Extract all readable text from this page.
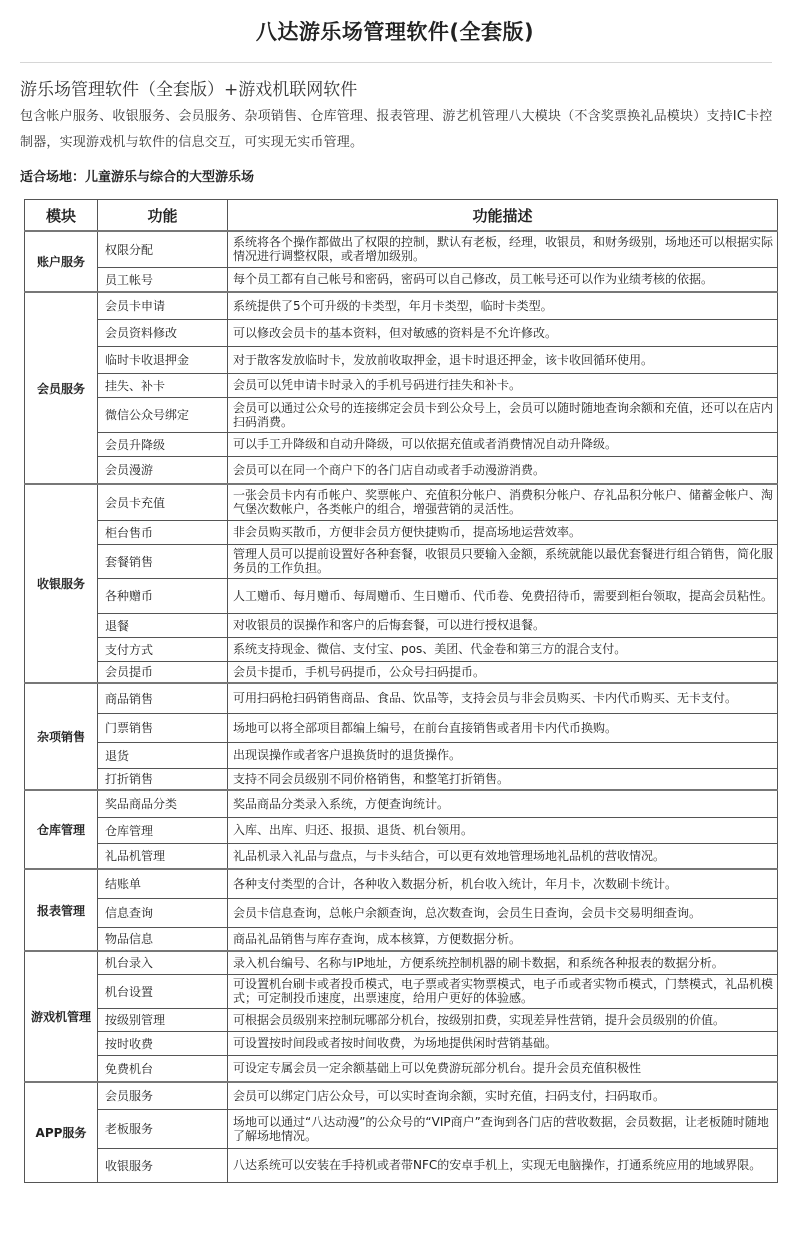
八达游乐场管理软件(全套版)
游乐场管理软件（全套版）+游戏机联网软件
包含帐户服务、收银服务、会员服务、杂项销售、仓库管理、报表管理、游艺机管理八大模块（不含奖票换礼品模块）支持IC卡控制器，实现游戏机与软件的信息交互，可实现无实币管理。
适合场地：儿童游乐与综合的大型游乐场
模块	功能	功能描述
账户服务	权限分配	系统将各个操作都做出了权限的控制，默认有老板，经理，收银员，和财务级别，场地还可以根据实际情况进行调整权限，或者增加级别。
	员工帐号	每个员工都有自己帐号和密码，密码可以自己修改，员工帐号还可以作为业绩考核的依据。
会员服务	会员卡申请	系统提供了5个可升级的卡类型，年月卡类型，临时卡类型。
	会员资料修改	可以修改会员卡的基本资料，但对敏感的资料是不允许修改。
	临时卡收退押金	对于散客发放临时卡，发放前收取押金，退卡时退还押金，该卡收回循环使用。
	挂失、补卡	会员可以凭申请卡时录入的手机号码进行挂失和补卡。
	微信公众号绑定	会员可以通过公众号的连接绑定会员卡到公众号上，会员可以随时随地查询余额和充值，还可以在店内扫码消费。
	会员升降级	可以手工升降级和自动升降级，可以依据充值或者消费情况自动升降级。
	会员漫游	会员可以在同一个商户下的各门店自动或者手动漫游消费。
收银服务	会员卡充值	一张会员卡内有币帐户、奖票帐户、充值积分帐户、消费积分帐户、存礼品积分帐户、储蓄金帐户、淘气堡次数帐户，各类帐户的组合，增强营销的灵活性。
	柜台售币	非会员购买散币，方便非会员方便快捷购币，提高场地运营效率。
	套餐销售	管理人员可以提前设置好各种套餐，收银员只要输入金额，系统就能以最优套餐进行组合销售，简化服务员的工作负担。
	各种赠币	人工赠币、每月赠币、每周赠币、生日赠币、代币卷、免费招待币，需要到柜台领取，提高会员粘性。
	退餐	对收银员的误操作和客户的后悔套餐，可以进行授权退餐。
	支付方式	系统支持现金、微信、支付宝、pos、美团、代金卷和第三方的混合支付。
	会员提币	会员卡提币，手机号码提币，公众号扫码提币。
杂项销售	商品销售	可用扫码枪扫码销售商品、食品、饮品等，支持会员与非会员购买、卡内代币购买、无卡支付。
	门票销售	场地可以将全部项目都编上编号，在前台直接销售或者用卡内代币换购。
	退货	出现误操作或者客户退换货时的退货操作。
	打折销售	支持不同会员级别不同价格销售，和整笔打折销售。
仓库管理	奖品商品分类	奖品商品分类录入系统，方便查询统计。
	仓库管理	入库、出库、归还、报损、退货、机台领用。
	礼品机管理	礼品机录入礼品与盘点，与卡头结合，可以更有效地管理场地礼品机的营收情况。
报表管理	结账单	各种支付类型的合计，各种收入数据分析，机台收入统计，年月卡，次数刷卡统计。
	信息查询	会员卡信息查询，总帐户余额查询，总次数查询，会员生日查询，会员卡交易明细查询。
	物品信息	商品礼品销售与库存查询，成本核算，方便数据分析。
游戏机管理	机台录入	录入机台编号、名称与IP地址，方便系统控制机器的刷卡数据，和系统各种报表的数据分析。
	机台设置	可设置机台刷卡或者投币模式，电子票或者实物票模式，电子币或者实物币模式，门禁模式，礼品机模式；可定制投币速度，出票速度，给用户更好的体验感。
	按级别管理	可根据会员级别来控制玩哪部分机台，按级别扣费，实现差异性营销，提升会员级别的价值。
	按时收费	可设置按时间段或者按时间收费，为场地提供闲时营销基础。
	免费机台	可设定专属会员一定余额基础上可以免费游玩部分机台。提升会员充值积极性
APP服务	会员服务	会员可以绑定门店公众号，可以实时查询余额，实时充值，扫码支付，扫码取币。
	老板服务	场地可以通过“八达动漫”的公众号的“VIP商户”查询到各门店的营收数据，会员数据，让老板随时随地了解场地情况。
	收银服务	八达系统可以安装在手持机或者带NFC的安卓手机上，实现无电脑操作，打通系统应用的地域界限。
